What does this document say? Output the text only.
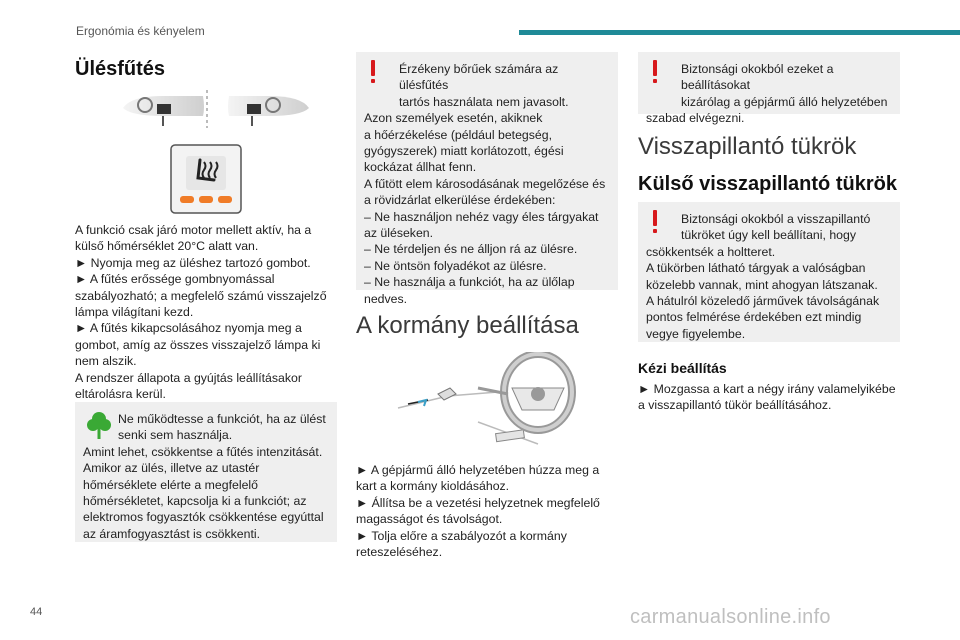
Ergonómia és kényelem
Ülésfűtés

A funkció csak járó motor mellett aktív, ha a
külső hőmérséklet 20°C alatt van.
► Nyomja meg az üléshez tartozó gombot.
► A fűtés erőssége gombnyomással
szabályozható; a megfelelő számú visszajelző
lámpa világítani kezd.
► A fűtés kikapcsolásához nyomja meg a
gombot, amíg az összes visszajelző lámpa ki
nem alszik.
A rendszer állapota a gyújtás leállításakor
eltárolásra kerül.

Ne működtesse a funkciót, ha az ülést
senki sem használja.
Amint lehet, csökkentse a fűtés intenzitását.
Amikor az ülés, illetve az utastér
hőmérséklete elérte a megfelelő
hőmérsékletet, kapcsolja ki a funkciót; az
elektromos fogyasztók csökkentése egyúttal
az áramfogyasztást is csökkenti.
Érzékeny bőrűek számára az ülésfűtés
tartós használata nem javasolt.
Azon személyek esetén, akiknek
a hőérzékelése (például betegség,
gyógyszerek) miatt korlátozott, égési
kockázat állhat fenn.
A fűtött elem károsodásának megelőzése és
a rövidzárlat elkerülése érdekében:
– Ne használjon nehéz vagy éles tárgyakat
az üléseken.
– Ne térdeljen és ne álljon rá az ülésre.
– Ne öntsön folyadékot az ülésre.
– Ne használja a funkciót, ha az ülőlap
nedves.
A kormány beállítása

► A gépjármű álló helyzetében húzza meg a
kart a kormány kioldásához.
► Állítsa be a vezetési helyzetnek megfelelő
magasságot és távolságot.
► Tolja előre a szabályozót a kormány
reteszeléséhez.

Biztonsági okokból ezeket a beállításokat
kizárólag a gépjármű álló helyzetében
szabad elvégezni.
Visszapillantó tükrök
Külső visszapillantó tükrök
Biztonsági okokból a visszapillantó
tükröket úgy kell beállítani, hogy
csökkentsék a holtteret.
A tükörben látható tárgyak a valóságban
közelebb vannak, mint ahogyan látszanak.
A hátulról közeledő járművek távolságának
pontos felmérése érdekében ezt mindig
vegye figyelembe.
Kézi beállítás

► Mozgassa a kart a négy irány valamelyikébe
a visszapillantó tükör beállításához.

44	carmanualsonline.info
